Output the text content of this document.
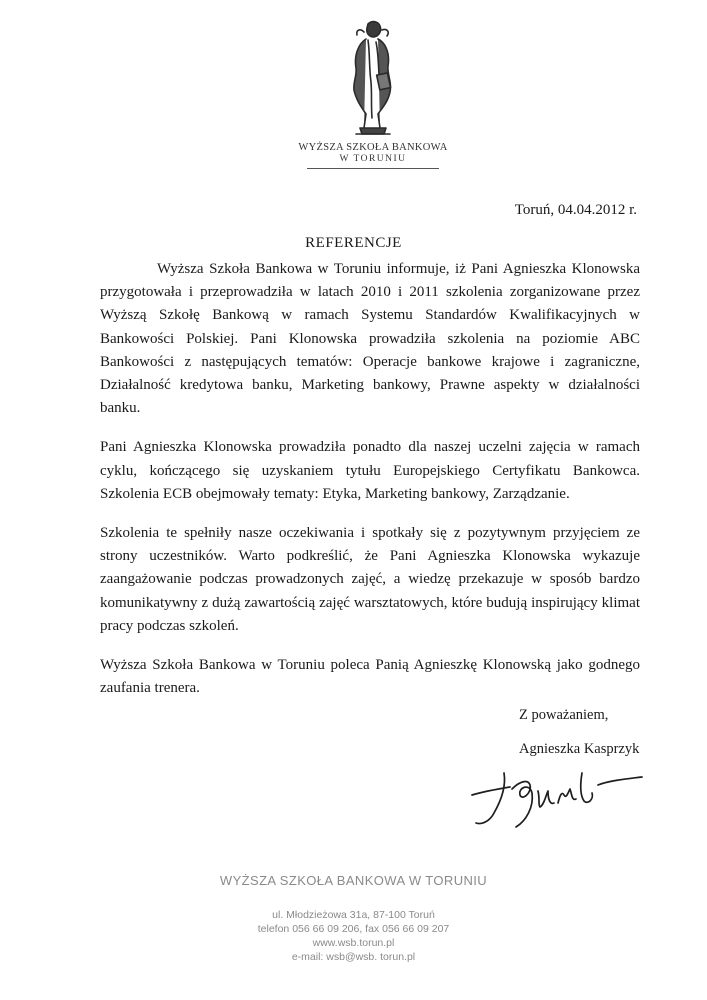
WYŻSZA SZKOŁA BANKOWA
W TORUNIU
Toruń, 04.04.2012 r.
REFERENCJE

Wyższa Szkoła Bankowa w Toruniu informuje, iż Pani Agnieszka Klonowska przygotowała i przeprowadziła w latach 2010 i 2011 szkolenia zorganizowane przez Wyższą Szkołę Bankową w ramach Systemu Standardów Kwalifikacyjnych w Bankowości Polskiej. Pani Klonowska prowadziła szkolenia na poziomie ABC Bankowości z następujących tematów: Operacje bankowe krajowe i zagraniczne, Działalność kredytowa banku, Marketing bankowy, Prawne aspekty w działalności banku.

Pani Agnieszka Klonowska prowadziła ponadto dla naszej uczelni zajęcia w ramach cyklu, kończącego się uzyskaniem tytułu Europejskiego Certyfikatu Bankowca. Szkolenia ECB obejmowały tematy: Etyka, Marketing bankowy, Zarządzanie.

Szkolenia te spełniły nasze oczekiwania i spotkały się z pozytywnym przyjęciem ze strony uczestników. Warto podkreślić, że Pani Agnieszka Klonowska wykazuje zaangażowanie podczas prowadzonych zajęć, a wiedzę przekazuje w sposób bardzo komunikatywny z dużą zawartością zajęć warsztatowych, które budują inspirujący klimat pracy podczas szkoleń.

Wyższa Szkoła Bankowa w Toruniu poleca Panią Agnieszkę Klonowską jako godnego zaufania trenera.

Z poważaniem,
Agnieszka Kasprzyk
WYŻSZA SZKOŁA BANKOWA W TORUNIU
ul. Młodzieżowa 31a, 87-100 Toruń
telefon 056 66 09 206, fax 056 66 09 207
www.wsb.torun.pl
e-mail: wsb@wsb. torun.pl
